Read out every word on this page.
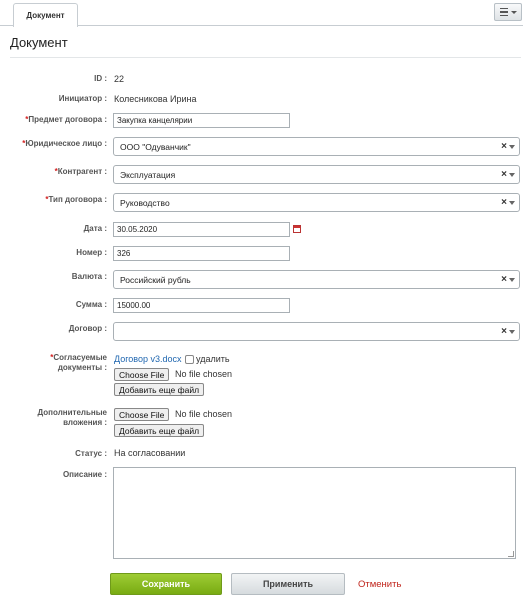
Документ
Документ
ID : 22
Инициатор : Колесникова Ирина
*Предмет договора :	Закупка канцелярии
*Юридическое лицо : ООО "Одуванчик"	×
*Контрагент : Эксплуатация	×
*Тип договора : Руководство	×
Дата :	30.05.2020
Номер :	326
Валюта : Российский рубль	×
Сумма :	15000.00
Договор :	×
*Согласуемые
документы :
Договор v3.docx удалить
Choose File	No file chosen
Добавить еще файл
Дополнительные
вложения :
Choose File	No file chosen
Добавить еще файл
Статус : На согласовании
Описание :
Сохранить	Применить	Отменить
